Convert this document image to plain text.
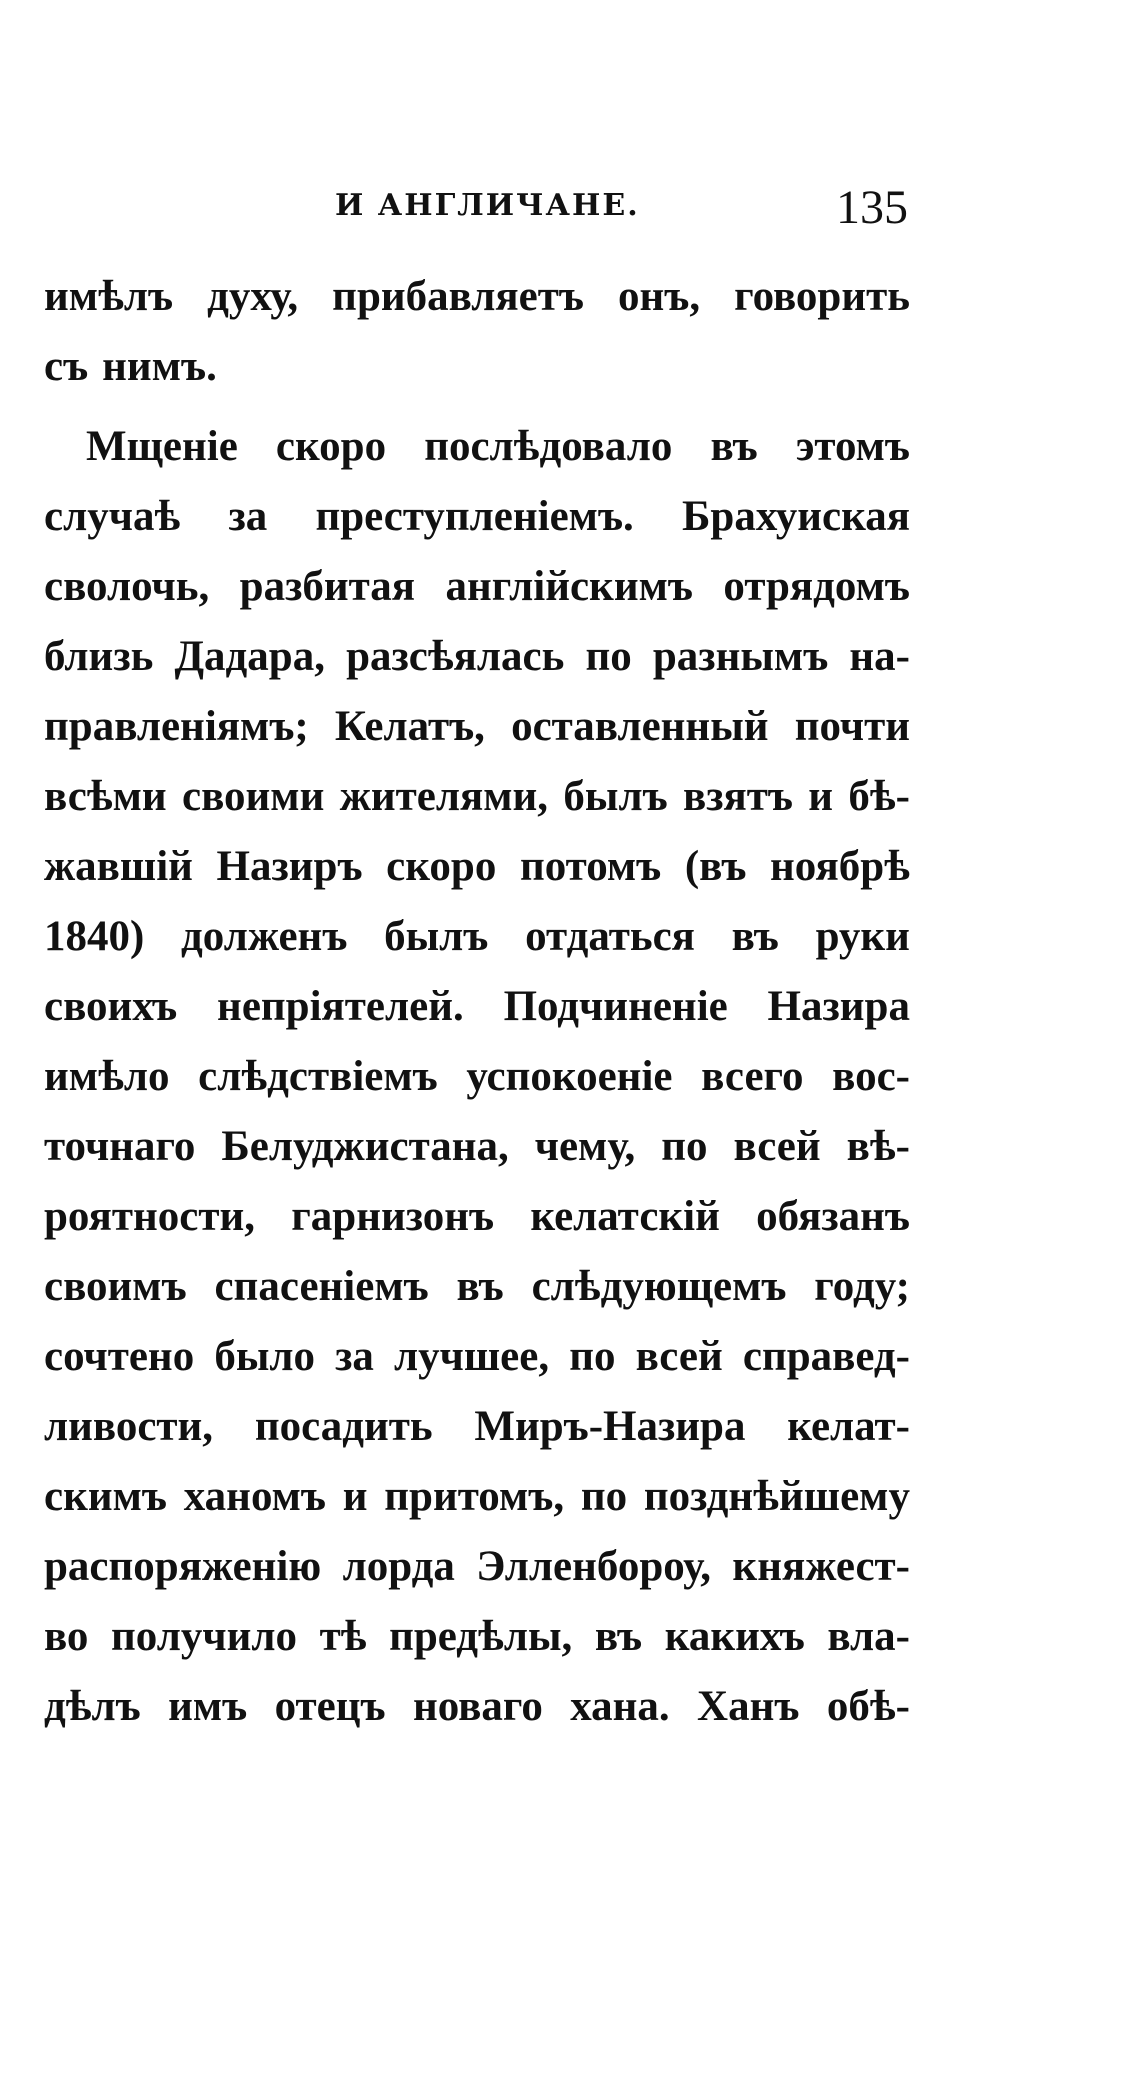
И АНГЛИЧАНЕ.	135
имѣлъ духу, прибавляетъ онъ, говорить
съ нимъ.
Мщеніе скоро послѣдовало въ этомъ
случаѣ за преступленіемъ. Брахуиская
сволочь, разбитая англійскимъ отрядомъ
близь Дадара, разсѣялась по разнымъ на-
правленіямъ; Келатъ, оставленный почти
всѣми своими жителями, былъ взятъ и бѣ-
жавшій Назиръ скоро потомъ (въ ноябрѣ
1840) долженъ былъ отдаться въ руки
своихъ непріятелей. Подчиненіе Назира
имѣло слѣдствіемъ успокоеніе всего вос-
точнаго Белуджистана, чему, по всей вѣ-
роятности, гарнизонъ келатскій обязанъ
своимъ спасеніемъ въ слѣдующемъ году;
сочтено было за лучшее, по всей справед-
ливости, посадить Миръ-Назира келат-
скимъ ханомъ и притомъ, по позднѣйшему
распоряженію лорда Элленбороу, княжест-
во получило тѣ предѣлы, въ какихъ вла-
дѣлъ имъ отецъ новаго хана. Ханъ обѣ-
